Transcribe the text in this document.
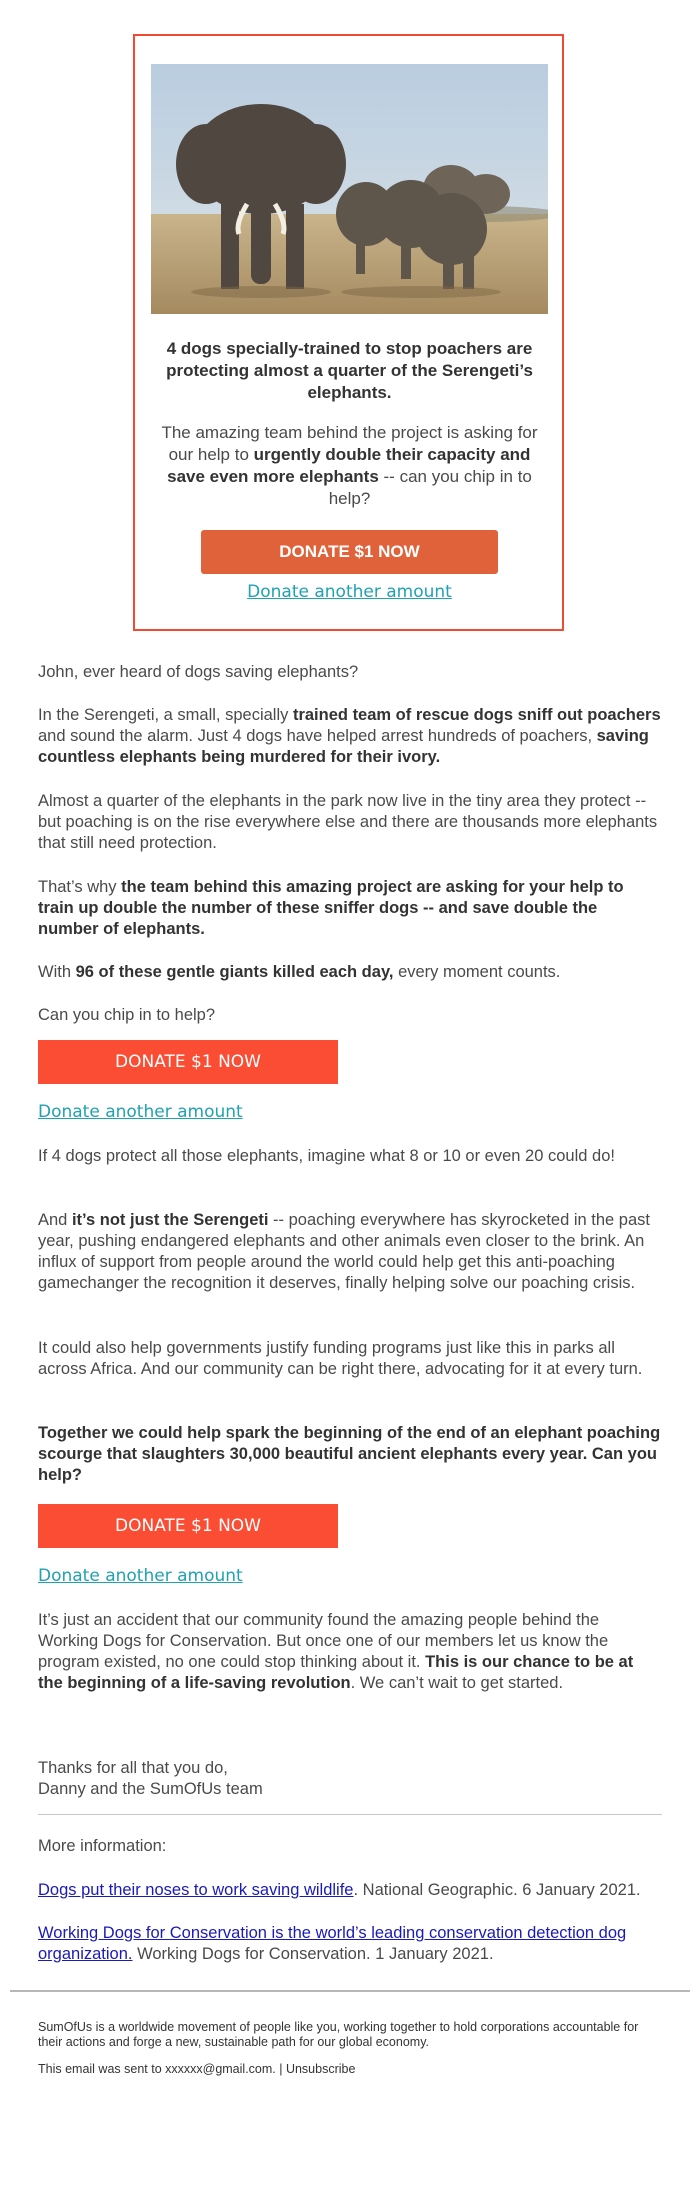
4 dogs specially-trained to stop poachers are protecting almost a quarter of the Serengeti’s elephants.
The amazing team behind the project is asking for our help to urgently double their capacity and save even more elephants -- can you chip in to help?
DONATE $1 NOW
Donate another amount

John, ever heard of dogs saving elephants?

In the Serengeti, a small, specially trained team of rescue dogs sniff out poachers and sound the alarm. Just 4 dogs have helped arrest hundreds of poachers, saving countless elephants being murdered for their ivory.

Almost a quarter of the elephants in the park now live in the tiny area they protect -- but poaching is on the rise everywhere else and there are thousands more elephants that still need protection.

That’s why the team behind this amazing project are asking for your help to train up double the number of these sniffer dogs -- and save double the number of elephants.

With 96 of these gentle giants killed each day, every moment counts.

Can you chip in to help?

DONATE $1 NOW
Donate another amount

If 4 dogs protect all those elephants, imagine what 8 or 10 or even 20 could do!

And it’s not just the Serengeti -- poaching everywhere has skyrocketed in the past year, pushing endangered elephants and other animals even closer to the brink. An influx of support from people around the world could help get this anti-poaching gamechanger the recognition it deserves, finally helping solve our poaching crisis.

It could also help governments justify funding programs just like this in parks all across Africa. And our community can be right there, advocating for it at every turn.

Together we could help spark the beginning of the end of an elephant poaching scourge that slaughters 30,000 beautiful ancient elephants every year. Can you help?

DONATE $1 NOW
Donate another amount

It’s just an accident that our community found the amazing people behind the Working Dogs for Conservation. But once one of our members let us know the program existed, no one could stop thinking about it. This is our chance to be at the beginning of a life-saving revolution. We can’t wait to get started.

Thanks for all that you do,

Danny and the SumOfUs team

More information:

Dogs put their noses to work saving wildlife. National Geographic. 6 January 2021.

Working Dogs for Conservation is the world’s leading conservation detection dog organization. Working Dogs for Conservation. 1 January 2021.

SumOfUs is a worldwide movement of people like you, working together to hold corporations accountable for their actions and forge a new, sustainable path for our global economy.

This email was sent to xxxxxx@gmail.com. | Unsubscribe
